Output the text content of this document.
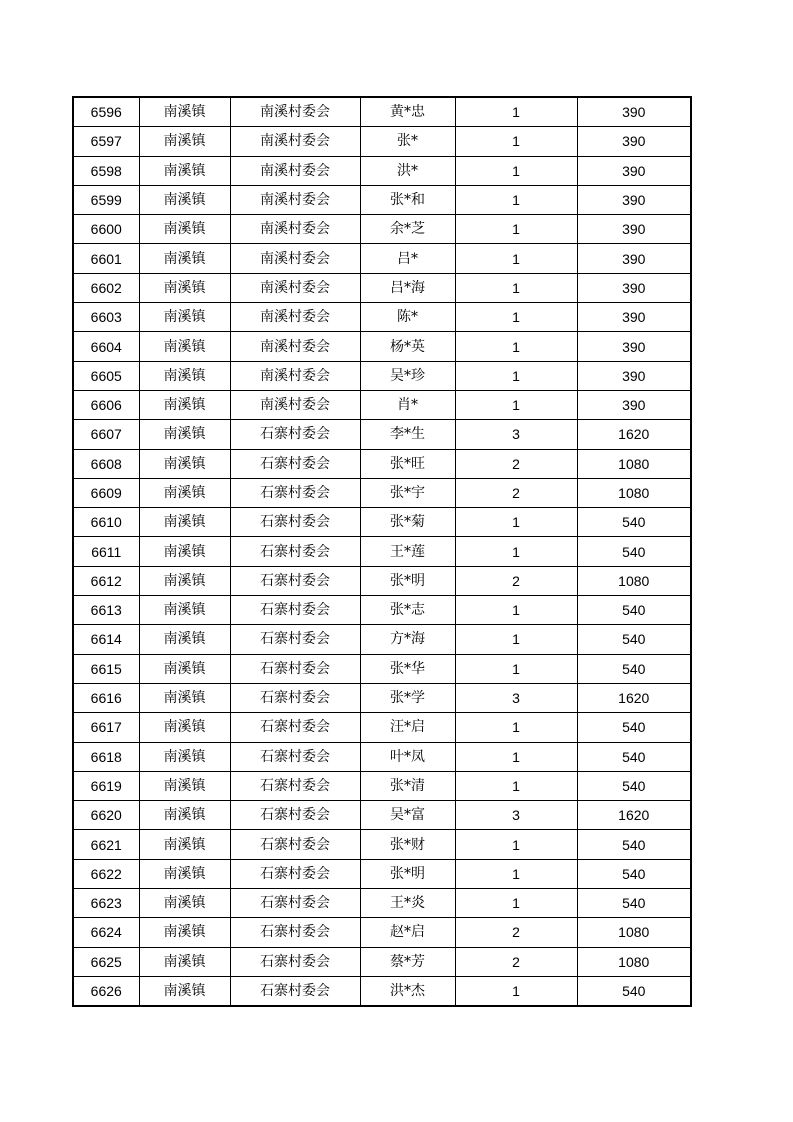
6596	南溪镇	南溪村委会	黄*忠	1	390
6597	南溪镇	南溪村委会	张*	1	390
6598	南溪镇	南溪村委会	洪*	1	390
6599	南溪镇	南溪村委会	张*和	1	390
6600	南溪镇	南溪村委会	余*芝	1	390
6601	南溪镇	南溪村委会	吕*	1	390
6602	南溪镇	南溪村委会	吕*海	1	390
6603	南溪镇	南溪村委会	陈*	1	390
6604	南溪镇	南溪村委会	杨*英	1	390
6605	南溪镇	南溪村委会	吴*珍	1	390
6606	南溪镇	南溪村委会	肖*	1	390
6607	南溪镇	石寨村委会	李*生	3	1620
6608	南溪镇	石寨村委会	张*旺	2	1080
6609	南溪镇	石寨村委会	张*宇	2	1080
6610	南溪镇	石寨村委会	张*菊	1	540
6611	南溪镇	石寨村委会	王*莲	1	540
6612	南溪镇	石寨村委会	张*明	2	1080
6613	南溪镇	石寨村委会	张*志	1	540
6614	南溪镇	石寨村委会	方*海	1	540
6615	南溪镇	石寨村委会	张*华	1	540
6616	南溪镇	石寨村委会	张*学	3	1620
6617	南溪镇	石寨村委会	汪*启	1	540
6618	南溪镇	石寨村委会	叶*凤	1	540
6619	南溪镇	石寨村委会	张*清	1	540
6620	南溪镇	石寨村委会	吴*富	3	1620
6621	南溪镇	石寨村委会	张*财	1	540
6622	南溪镇	石寨村委会	张*明	1	540
6623	南溪镇	石寨村委会	王*炎	1	540
6624	南溪镇	石寨村委会	赵*启	2	1080
6625	南溪镇	石寨村委会	蔡*芳	2	1080
6626	南溪镇	石寨村委会	洪*杰	1	540
